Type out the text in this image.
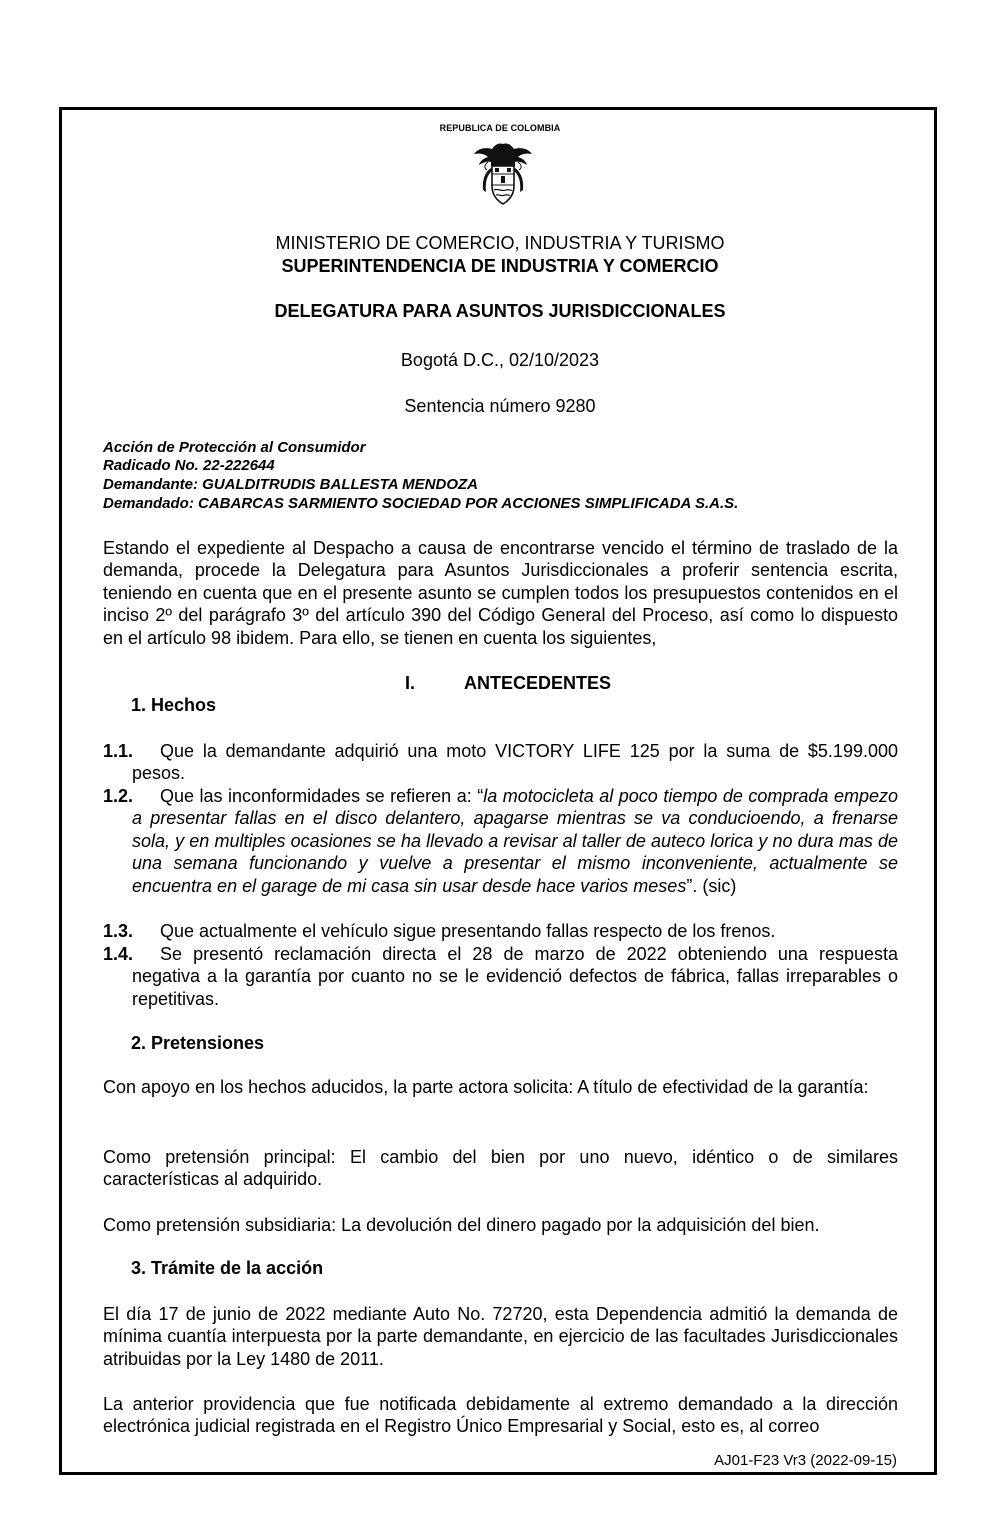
REPUBLICA DE COLOMBIA
MINISTERIO DE COMERCIO, INDUSTRIA Y TURISMO
SUPERINTENDENCIA DE INDUSTRIA Y COMERCIO
DELEGATURA PARA ASUNTOS JURISDICCIONALES
Bogotá D.C., 02/10/2023
Sentencia número 9280
Acción de Protección al Consumidor
Radicado No. 22-222644
Demandante: GUALDITRUDIS BALLESTA MENDOZA
Demandado: CABARCAS SARMIENTO SOCIEDAD POR ACCIONES SIMPLIFICADA S.A.S.
Estando el expediente al Despacho a causa de encontrarse vencido el término de traslado de la demanda, procede la Delegatura para Asuntos Jurisdiccionales a proferir sentencia escrita, teniendo en cuenta que en el presente asunto se cumplen todos los presupuestos contenidos en el inciso 2º del parágrafo 3º del artículo 390 del Código General del Proceso, así como lo dispuesto en el artículo 98 ibidem. Para ello, se tienen en cuenta los siguientes,
I.	ANTECEDENTES
1. Hechos
1.1.	Que la demandante adquirió una moto VICTORY LIFE 125 por la suma de $5.199.000 pesos.
1.2.	Que las inconformidades se refieren a: “la motocicleta al poco tiempo de comprada empezo a presentar fallas en el disco delantero, apagarse mientras se va conducioendo, a frenarse sola, y en multiples ocasiones se ha llevado a revisar al taller de auteco lorica y no dura mas de una semana funcionando y vuelve a presentar el mismo inconveniente, actualmente se encuentra en el garage de mi casa sin usar desde hace varios meses”. (sic)
1.3.	Que actualmente el vehículo sigue presentando fallas respecto de los frenos.
1.4.	Se presentó reclamación directa el 28 de marzo de 2022 obteniendo una respuesta negativa a la garantía por cuanto no se le evidenció defectos de fábrica, fallas irreparables o repetitivas.
2. Pretensiones
Con apoyo en los hechos aducidos, la parte actora solicita: A título de efectividad de la garantía:
Como pretensión principal: El cambio del bien por uno nuevo, idéntico o de similares características al adquirido.
Como pretensión subsidiaria: La devolución del dinero pagado por la adquisición del bien.
3. Trámite de la acción
El día 17 de junio de 2022 mediante Auto No. 72720, esta Dependencia admitió la demanda de mínima cuantía interpuesta por la parte demandante, en ejercicio de las facultades Jurisdiccionales atribuidas por la Ley 1480 de 2011.
La anterior providencia que fue notificada debidamente al extremo demandado a la dirección electrónica judicial registrada en el Registro Único Empresarial y Social, esto es, al correo
AJ01-F23 Vr3 (2022-09-15)
